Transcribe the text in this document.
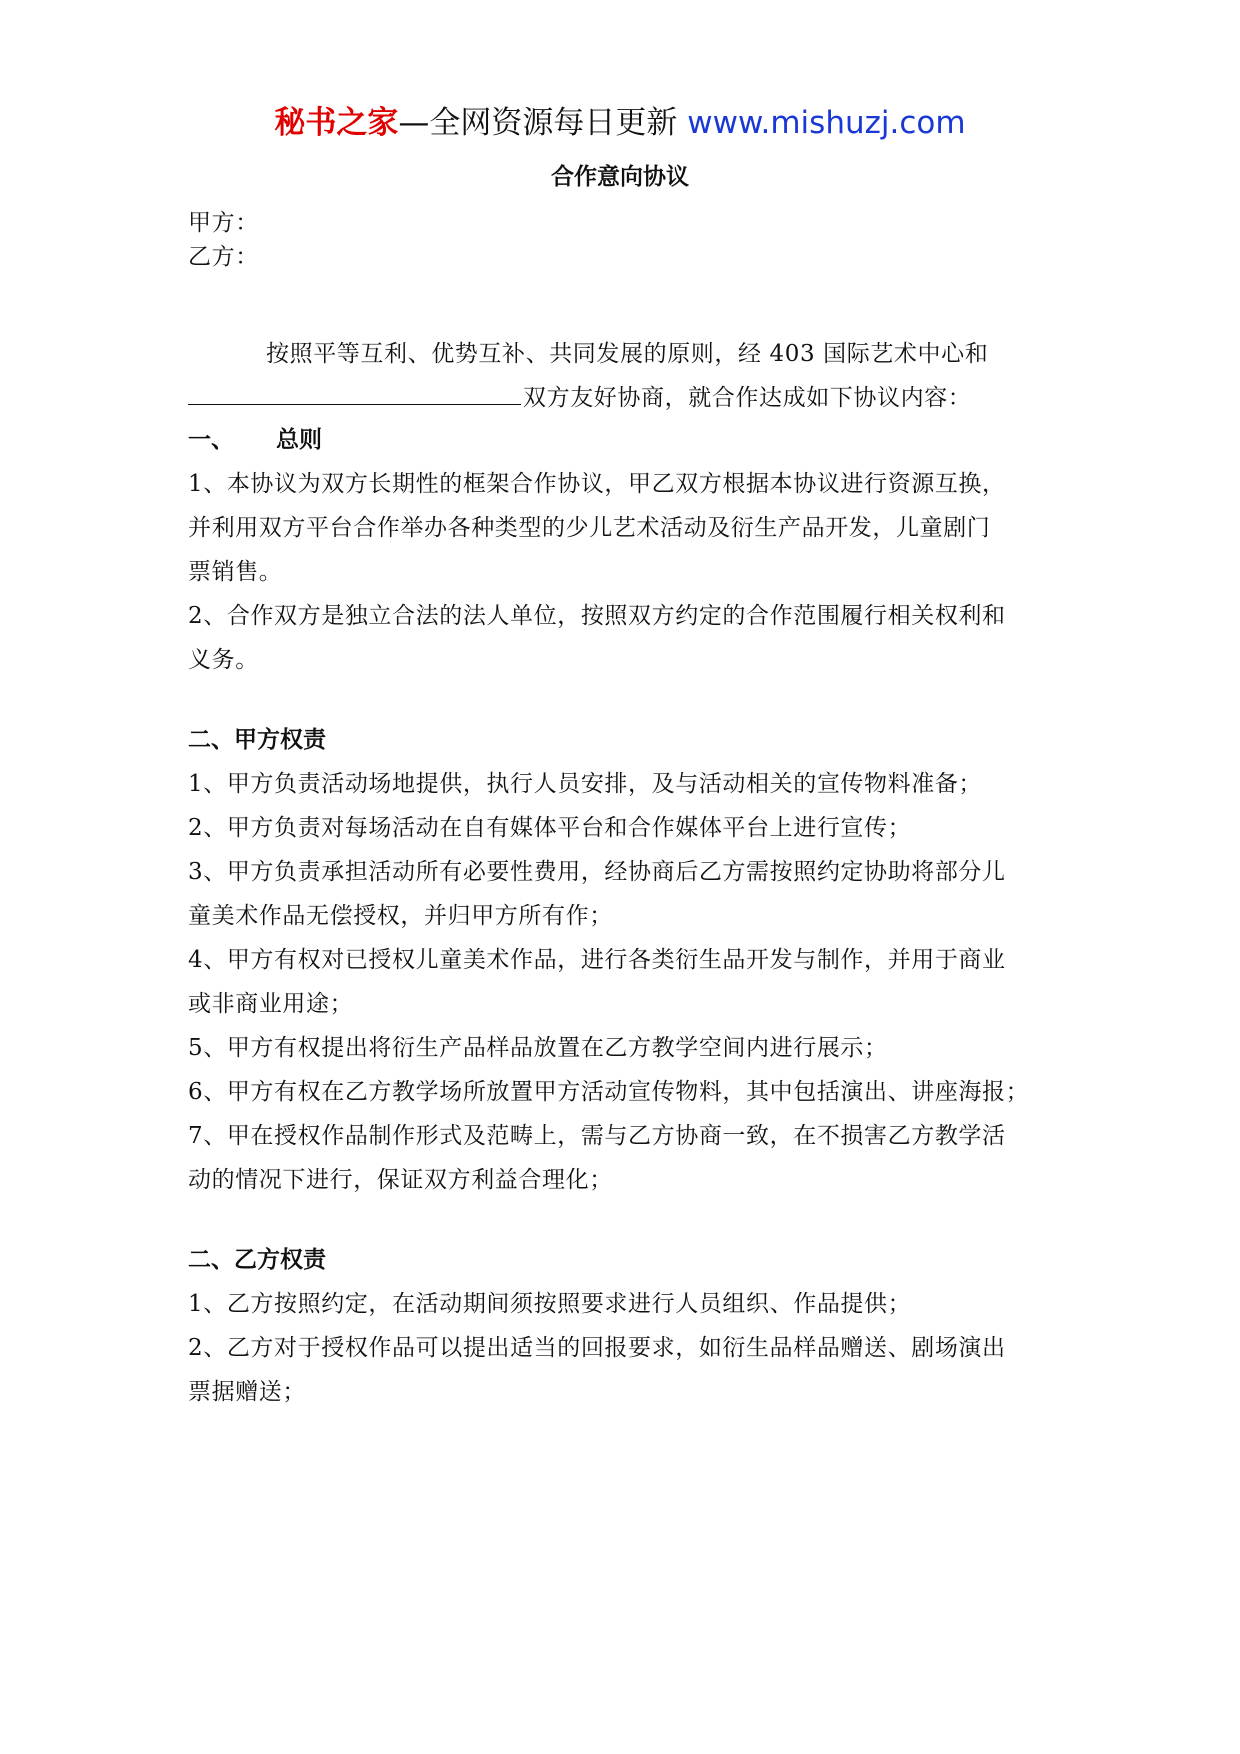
秘书之家—全网资源每日更新 www.mishuzj.com
合作意向协议
甲方：
乙方：
按照平等互利、优势互补、共同发展的原则，经 403 国际艺术中心和
双方友好协商，就合作达成如下协议内容：
一、 总则
1、本协议为双方长期性的框架合作协议，甲乙双方根据本协议进行资源互换，
并利用双方平台合作举办各种类型的少儿艺术活动及衍生产品开发，儿童剧门
票销售。
2、合作双方是独立合法的法人单位，按照双方约定的合作范围履行相关权利和
义务。
二、甲方权责
1、甲方负责活动场地提供，执行人员安排，及与活动相关的宣传物料准备；
2、甲方负责对每场活动在自有媒体平台和合作媒体平台上进行宣传；
3、甲方负责承担活动所有必要性费用，经协商后乙方需按照约定协助将部分儿
童美术作品无偿授权，并归甲方所有作；
4、甲方有权对已授权儿童美术作品，进行各类衍生品开发与制作，并用于商业
或非商业用途；
5、甲方有权提出将衍生产品样品放置在乙方教学空间内进行展示；
6、甲方有权在乙方教学场所放置甲方活动宣传物料，其中包括演出、讲座海报；
7、甲在授权作品制作形式及范畴上，需与乙方协商一致，在不损害乙方教学活
动的情况下进行，保证双方利益合理化；
二、乙方权责
1、乙方按照约定，在活动期间须按照要求进行人员组织、作品提供；
2、乙方对于授权作品可以提出适当的回报要求，如衍生品样品赠送、剧场演出
票据赠送；
